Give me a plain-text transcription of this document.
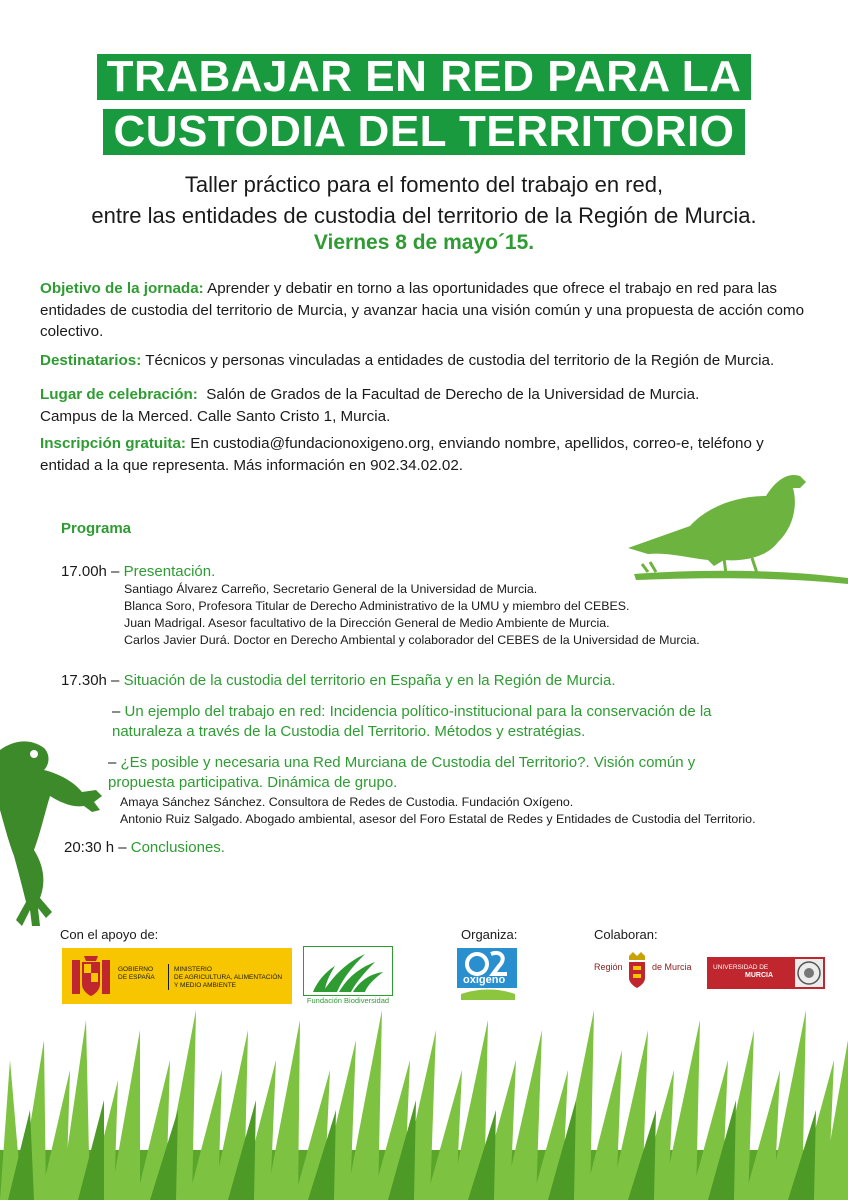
TRABAJAR EN RED PARA LA
CUSTODIA DEL TERRITORIO
Taller práctico para el fomento del trabajo en red,
entre las entidades de custodia del territorio de la Región de Murcia.
Viernes 8 de mayo´15.
Objetivo de la jornada: Aprender y debatir en torno a las oportunidades que ofrece el trabajo en red para las entidades de custodia del territorio de Murcia, y avanzar hacia una visión común y una propuesta de acción como colectivo.
Destinatarios: Técnicos y personas vinculadas a entidades de custodia del territorio de la Región de Murcia.
Lugar de celebración:  Salón de Grados de la Facultad de Derecho de la Universidad de Murcia.
Campus de la Merced. Calle Santo Cristo 1, Murcia.
Inscripción gratuita: En custodia@fundacionoxigeno.org, enviando nombre, apellidos, correo-e, teléfono y entidad a la que representa. Más información en 902.34.02.02.
Programa
17.00h – Presentación.
Santiago Álvarez Carreño, Secretario General de la Universidad de Murcia.
Blanca Soro, Profesora Titular de Derecho Administrativo de la UMU y miembro del CEBES.
Juan Madrigal. Asesor facultativo de la Dirección General de Medio Ambiente de Murcia.
Carlos Javier Durá. Doctor en Derecho Ambiental y colaborador del CEBES de la Universidad de Murcia.
17.30h – Situación de la custodia del territorio en España y en la Región de Murcia.
– Un ejemplo del trabajo en red: Incidencia político-institucional para la conservación de la naturaleza a través de la Custodia del Territorio. Métodos y estratégias.
– ¿Es posible y necesaria una Red Murciana de Custodia del Territorio?. Visión común y propuesta participativa. Dinámica de grupo.
Amaya Sánchez Sánchez. Consultora de Redes de Custodia. Fundación Oxígeno.
Antonio Ruiz Salgado. Abogado ambiental, asesor del Foro Estatal de Redes y Entidades de Custodia del Territorio.
20:30 h – Conclusiones.
Con el apoyo de:	Organiza:	Colaboran:
GOBIERNO
DE ESPAÑA
MINISTERIO
DE AGRICULTURA, ALIMENTACIÓN
Y MEDIO AMBIENTE
Fundación Biodiversidad
oxigeno
Región	de Murcia	UNIVERSIDAD DE
MURCIA
